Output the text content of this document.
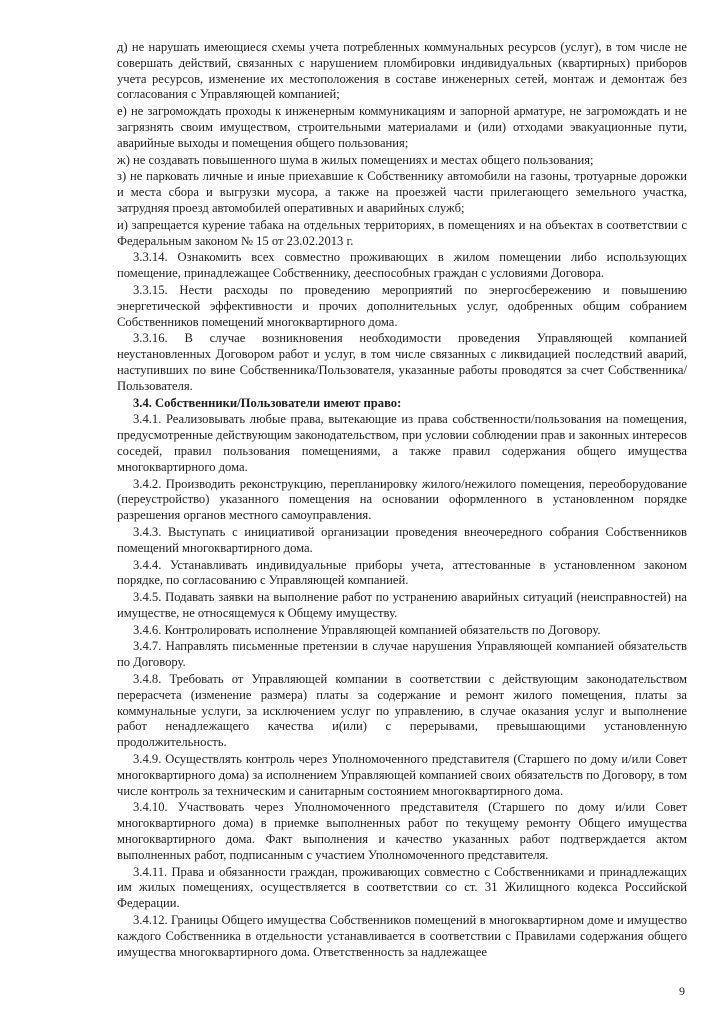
д) не нарушать имеющиеся схемы учета потребленных коммунальных ресурсов (услуг), в том числе не совершать действий, связанных с нарушением пломбировки индивидуальных (квартирных) приборов учета ресурсов, изменение их местоположения в составе инженерных сетей, монтаж и демонтаж без согласования с Управляющей компанией;

е) не загромождать проходы к инженерным коммуникациям и запорной арматуре, не загромождать и не загрязнять своим имуществом, строительными материалами и (или) отходами эвакуационные пути, аварийные выходы и помещения общего пользования;

ж) не создавать повышенного шума в жилых помещениях и местах общего пользования;

з) не парковать личные и иные приехавшие к Собственнику автомобили на газоны, тротуарные дорожки и места сбора и выгрузки мусора, а также на проезжей части прилегающего земельного участка, затрудняя проезд автомобилей оперативных и аварийных служб;

и) запрещается курение табака на отдельных территориях, в помещениях и на объектах в соответствии с Федеральным законом № 15 от 23.02.2013 г.

3.3.14. Ознакомить всех совместно проживающих в жилом помещении либо использующих помещение, принадлежащее Собственнику, дееспособных граждан с условиями Договора.

3.3.15. Нести расходы по проведению мероприятий по энергосбережению и повышению энергетической эффективности и прочих дополнительных услуг, одобренных общим собранием Собственников помещений многоквартирного дома.

3.3.16. В случае возникновения необходимости проведения Управляющей компанией неустановленных Договором работ и услуг, в том числе связанных с ликвидацией последствий аварий, наступивших по вине Собственника/Пользователя, указанные работы проводятся за счет Собственника/Пользователя.

3.4. Собственники/Пользователи имеют право:

3.4.1. Реализовывать любые права, вытекающие из права собственности/пользования на помещения, предусмотренные действующим законодательством, при условии соблюдении прав и законных интересов соседей, правил пользования помещениями, а также правил содержания общего имущества многоквартирного дома.

3.4.2. Производить реконструкцию, перепланировку жилого/нежилого помещения, переоборудование (переустройство) указанного помещения на основании оформленного в установленном порядке разрешения органов местного самоуправления.

3.4.3. Выступать с инициативой организации проведения внеочередного собрания Собственников помещений многоквартирного дома.

3.4.4. Устанавливать индивидуальные приборы учета, аттестованные в установленном законом порядке, по согласованию с Управляющей компанией.

3.4.5. Подавать заявки на выполнение работ по устранению аварийных ситуаций (неисправностей) на имуществе, не относящемуся к Общему имуществу.

3.4.6. Контролировать исполнение Управляющей компанией обязательств по Договору.

3.4.7. Направлять письменные претензии в случае нарушения Управляющей компанией обязательств по Договору.

3.4.8. Требовать от Управляющей компании в соответствии с действующим законодательством перерасчета (изменение размера) платы за содержание и ремонт жилого помещения, платы за коммунальные услуги, за исключением услуг по управлению, в случае оказания услуг и выполнение работ ненадлежащего качества и(или) с перерывами, превышающими установленную продолжительность.

3.4.9. Осуществлять контроль через Уполномоченного представителя (Старшего по дому и/или Совет многоквартирного дома) за исполнением Управляющей компанией своих обязательств по Договору, в том числе контроль за техническим и санитарным состоянием многоквартирного дома.

3.4.10. Участвовать через Уполномоченного представителя (Старшего по дому и/или Совет многоквартирного дома) в приемке выполненных работ по текущему ремонту Общего имущества многоквартирного дома. Факт выполнения и качество указанных работ подтверждается актом выполненных работ, подписанным с участием Уполномоченного представителя.

3.4.11. Права и обязанности граждан, проживающих совместно с Собственниками и принадлежащих им жилых помещениях, осуществляется в соответствии со ст. 31 Жилищного кодекса Российской Федерации.

3.4.12. Границы Общего имущества Собственников помещений в многоквартирном доме и имущество каждого Собственника в отдельности устанавливается в соответствии с Правилами содержания общего имущества многоквартирного дома. Ответственность за надлежащее

9
